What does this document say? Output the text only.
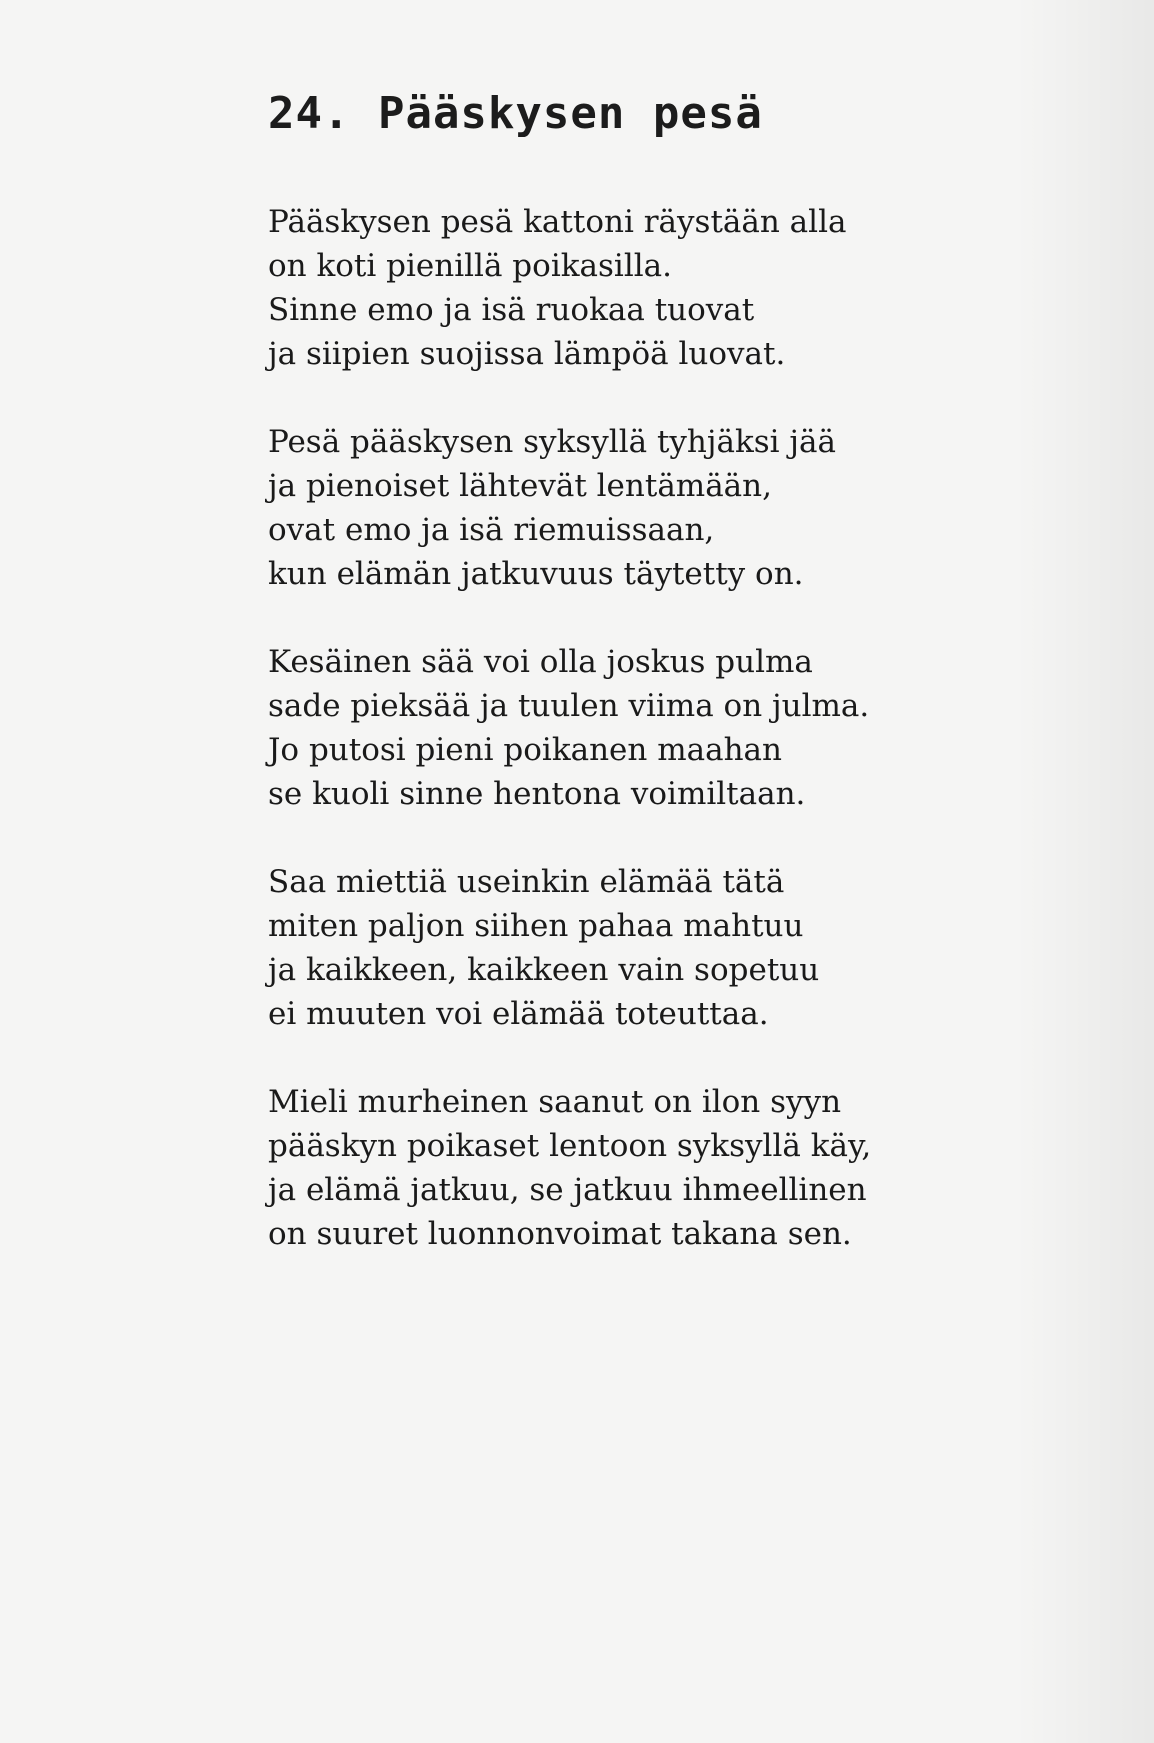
24. Pääskysen pesä
Pääskysen pesä kattoni räystään alla
on koti pienillä poikasilla.
Sinne emo ja isä ruokaa tuovat
ja siipien suojissa lämpöä luovat.
Pesä pääskysen syksyllä tyhjäksi jää
ja pienoiset lähtevät lentämään,
ovat emo ja isä riemuissaan,
kun elämän jatkuvuus täytetty on.
Kesäinen sää voi olla joskus pulma
sade pieksää ja tuulen viima on julma.
Jo putosi pieni poikanen maahan
se kuoli sinne hentona voimiltaan.
Saa miettiä useinkin elämää tätä
miten paljon siihen pahaa mahtuu
ja kaikkeen, kaikkeen vain sopetuu
ei muuten voi elämää toteuttaa.
Mieli murheinen saanut on ilon syyn
pääskyn poikaset lentoon syksyllä käy,
ja elämä jatkuu, se jatkuu ihmeellinen
on suuret luonnonvoimat takana sen.
